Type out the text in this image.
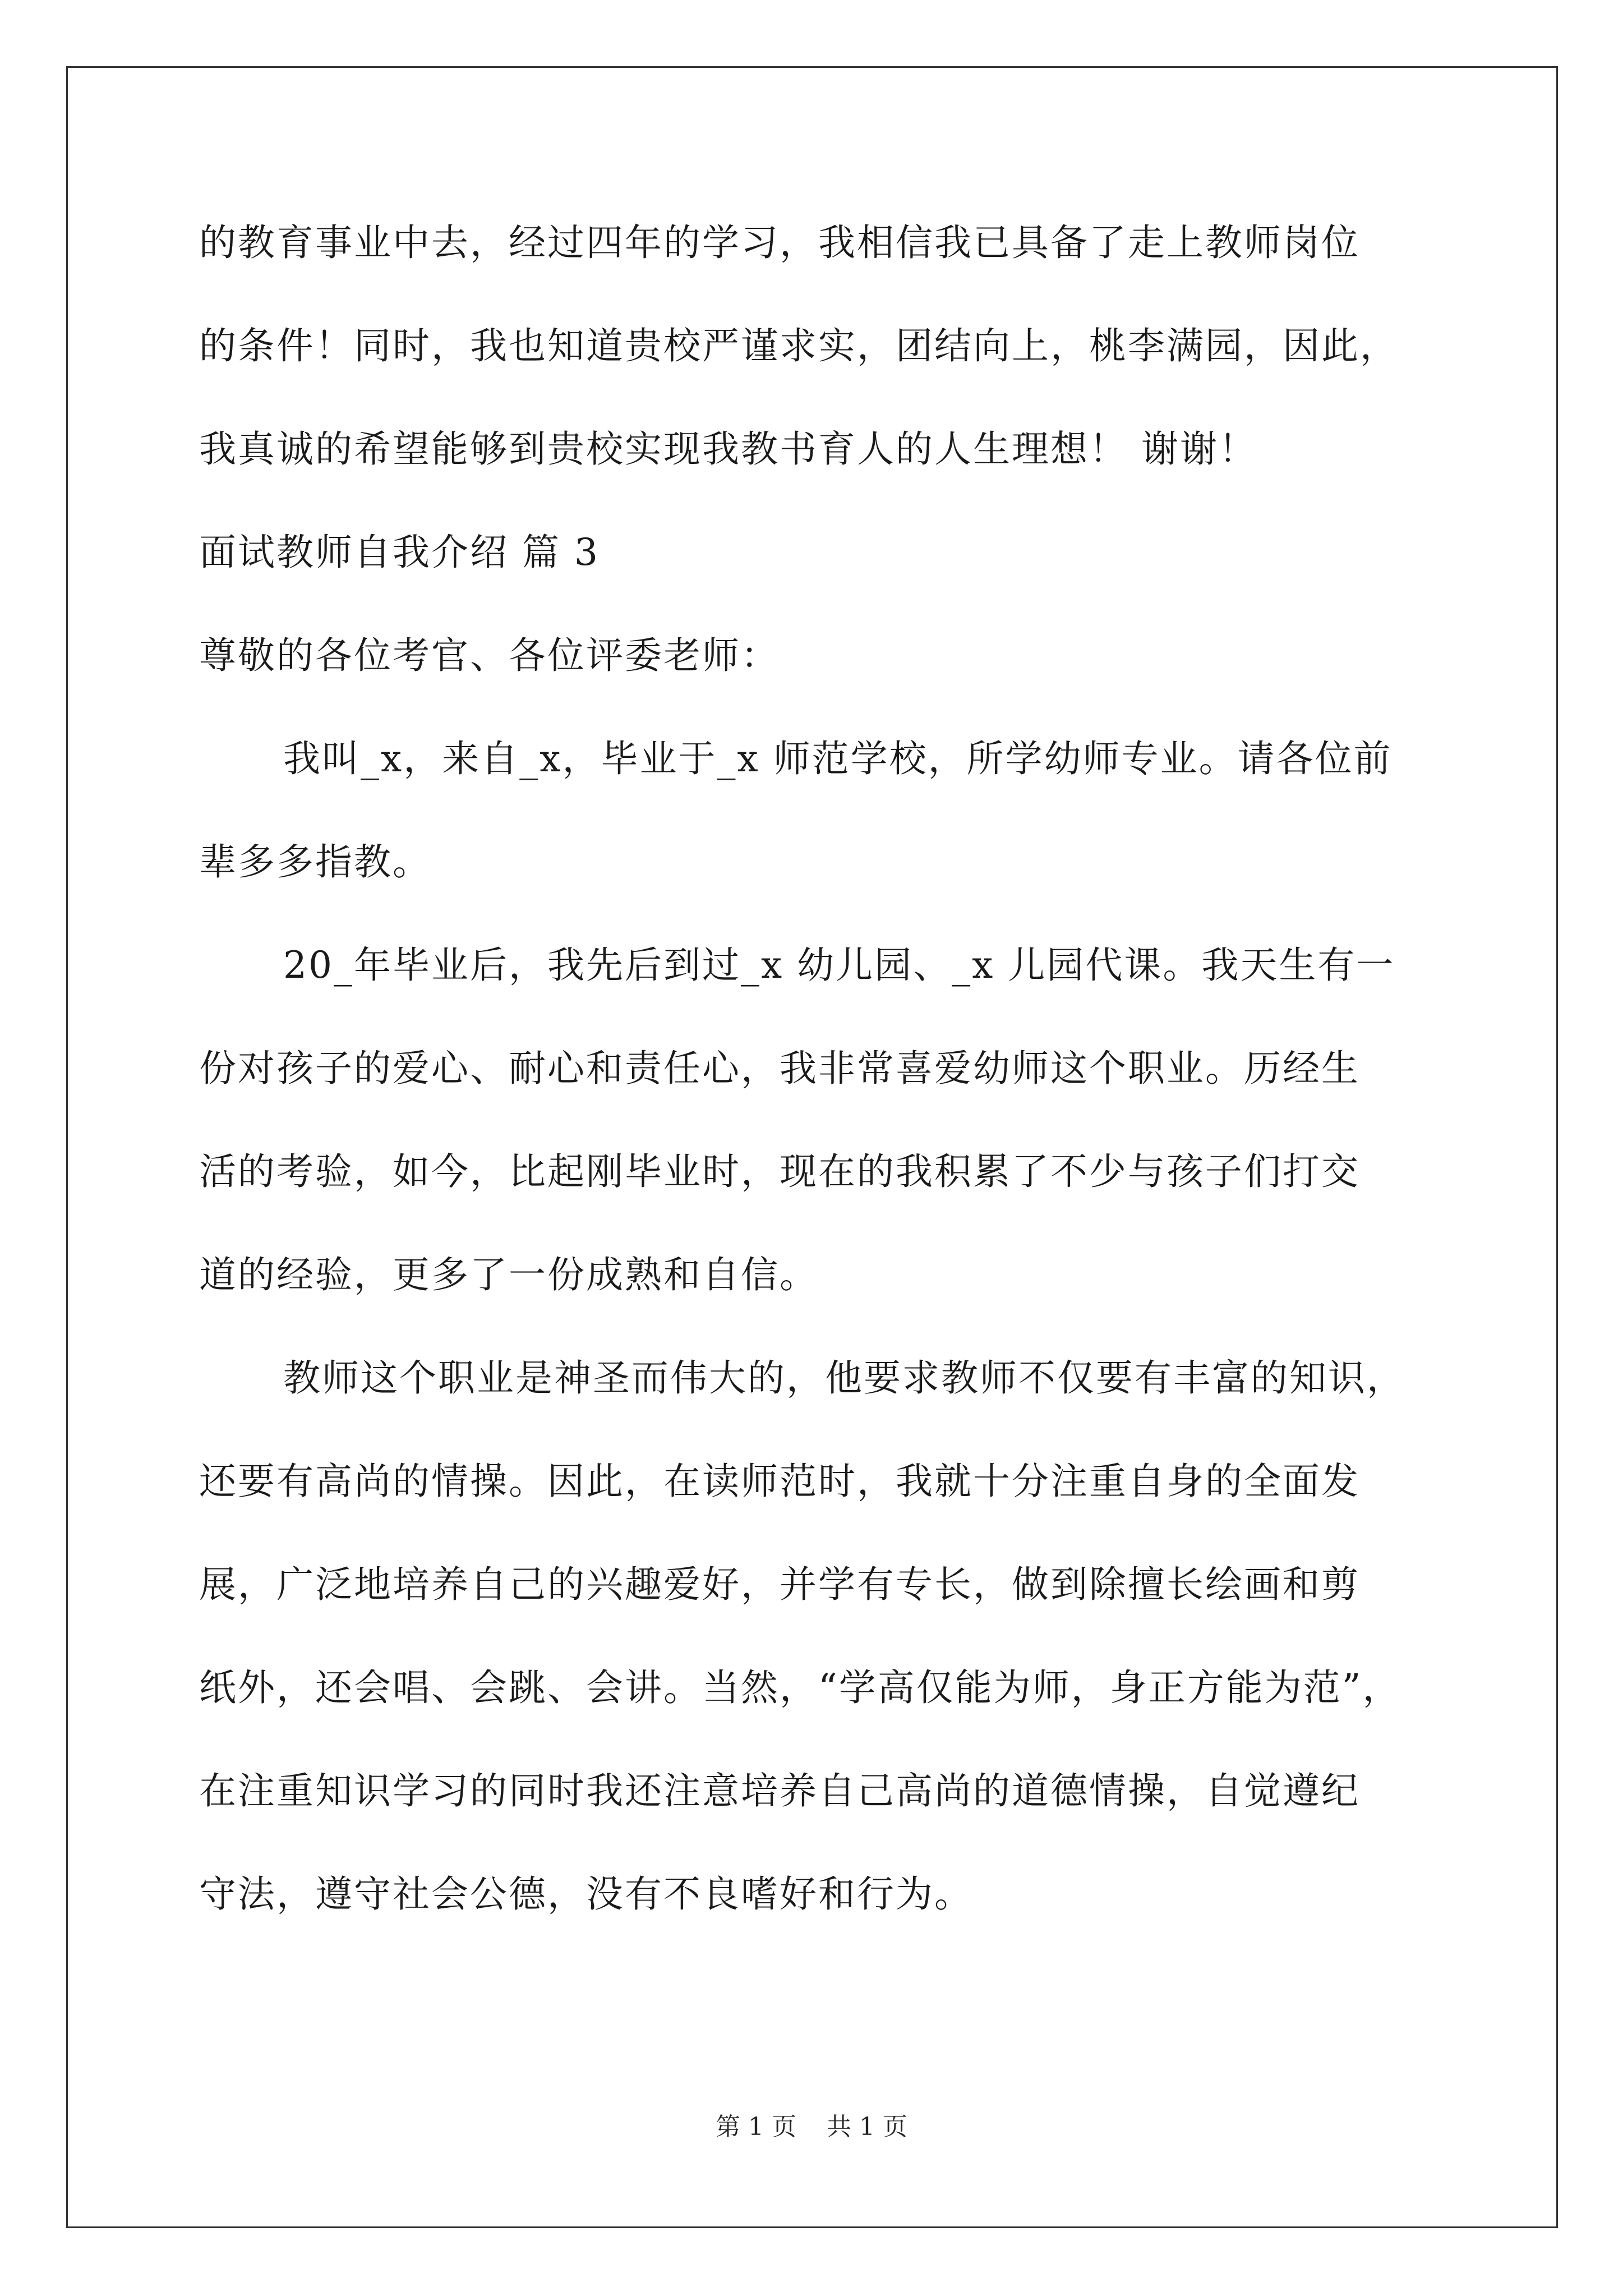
的教育事业中去，经过四年的学习，我相信我已具备了走上教师岗位

的条件！同时，我也知道贵校严谨求实，团结向上，桃李满园，因此，

我真诚的希望能够到贵校实现我教书育人的人生理想！ 谢谢！

面试教师自我介绍 篇 3

尊敬的各位考官、各位评委老师：

我叫_x，来自_x，毕业于_x 师范学校，所学幼师专业。请各位前

辈多多指教。

20_年毕业后，我先后到过_x 幼儿园、_x 儿园代课。我天生有一

份对孩子的爱心、耐心和责任心，我非常喜爱幼师这个职业。历经生

活的考验，如今，比起刚毕业时，现在的我积累了不少与孩子们打交

道的经验，更多了一份成熟和自信。

教师这个职业是神圣而伟大的，他要求教师不仅要有丰富的知识，

还要有高尚的情操。因此，在读师范时，我就十分注重自身的全面发

展，广泛地培养自己的兴趣爱好，并学有专长，做到除擅长绘画和剪

纸外，还会唱、会跳、会讲。当然，“学高仅能为师，身正方能为范”，

在注重知识学习的同时我还注意培养自己高尚的道德情操，自觉遵纪

守法，遵守社会公德，没有不良嗜好和行为。

第 1 页 共 1 页
